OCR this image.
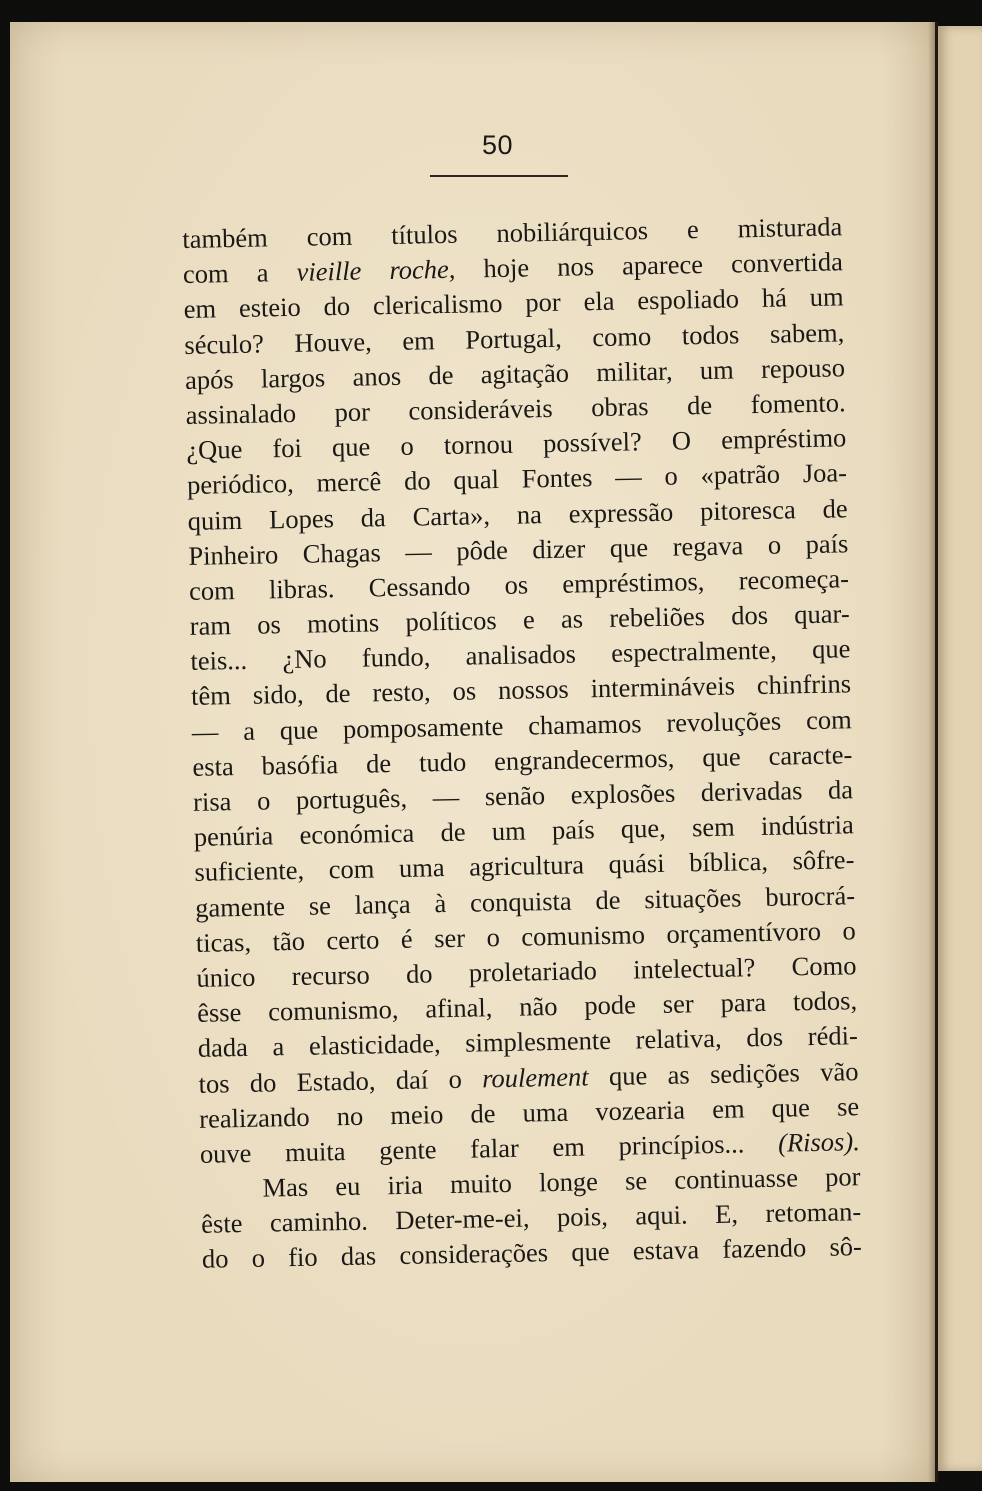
50
também com títulos nobiliárquicos e misturada
com a vieille roche, hoje nos aparece convertida
em esteio do clericalismo por ela espoliado há um
século? Houve, em Portugal, como todos sabem,
após largos anos de agitação militar, um repouso
assinalado por consideráveis obras de fomento.
¿Que foi que o tornou possível? O empréstimo
periódico, mercê do qual Fontes — o «patrão Joa-
quim Lopes da Carta», na expressão pitoresca de
Pinheiro Chagas — pôde dizer que regava o país
com libras. Cessando os empréstimos, recomeça-
ram os motins políticos e as rebeliões dos quar-
teis... ¿No fundo, analisados espectralmente, que
têm sido, de resto, os nossos intermináveis chinfrins
— a que pomposamente chamamos revoluções com
esta basófia de tudo engrandecermos, que caracte-
risa o português, — senão explosões derivadas da
penúria económica de um país que, sem indústria
suficiente, com uma agricultura quási bíblica, sôfre-
gamente se lança à conquista de situações burocrá-
ticas, tão certo é ser o comunismo orçamentívoro o
único recurso do proletariado intelectual? Como
êsse comunismo, afinal, não pode ser para todos,
dada a elasticidade, simplesmente relativa, dos rédi-
tos do Estado, daí o roulement que as sedições vão
realizando no meio de uma vozearia em que se
ouve muita gente falar em princípios... (Risos).
Mas eu iria muito longe se continuasse por
êste caminho. Deter-me-ei, pois, aqui. E, retoman-
do o fio das considerações que estava fazendo sô-
